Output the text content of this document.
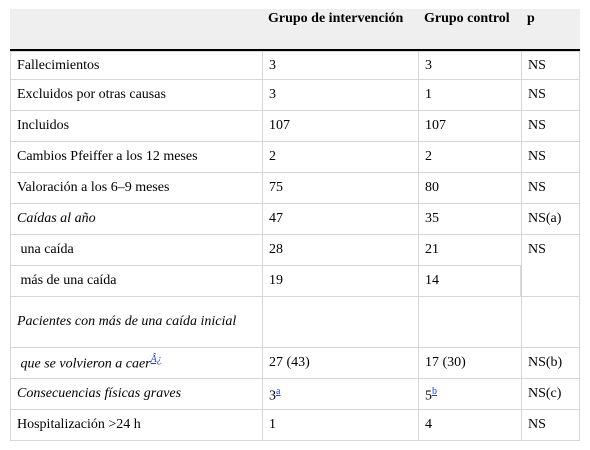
	Grupo de intervención	Grupo control	p
Fallecimientos	3	3	NS
Excluidos por otras causas	3	1	NS
Incluidos	107	107	NS
Cambios Pfeiffer a los 12 meses	2	2	NS
Valoración a los 6–9 meses	75	80	NS
Caídas al año	47	35	NS(a)
una caída	28	21	NS
más de una caída	19	14	
Pacientes con más de una caída inicial			
que se volvieron a caer$^{Â¿}$	27 (43)	17 (30)	NS(b)
Consecuencias físicas graves	3$^a$	5$^b$	NS(c)
Hospitalización >24 h	1	4	NS
